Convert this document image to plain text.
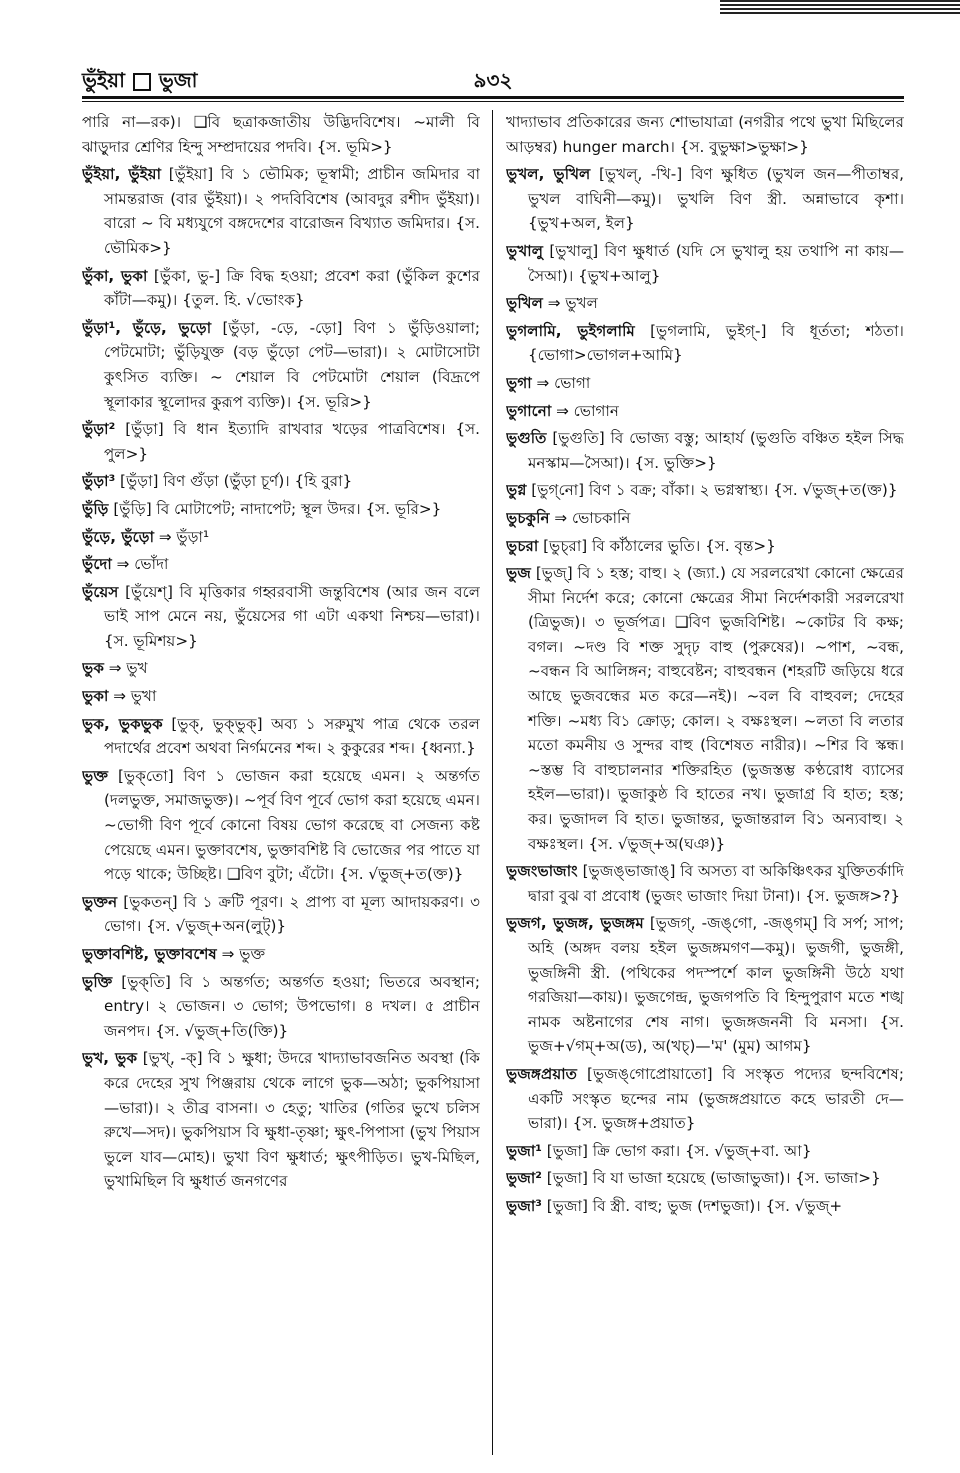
ভুঁইয়া ভুজা	৯৩২

পারি না—রক)। ❑বি ছত্রাকজাতীয় উদ্ভিদবিশেষ। ~মালী বি ঝাড়ুদার শ্রেণির হিন্দু সম্প্রদায়ের পদবি। {স. ভূমি>}

ভুঁইয়া, ভুঁইয়া [ভুঁইয়া] বি ১ ভৌমিক; ভূস্বামী; প্রাচীন জমিদার বা সামন্তরাজ (বার ভুঁইয়া)। ২ পদবিবিশেষ (আবদুর রশীদ ভুঁইয়া)। বারো ~ বি মধ্যযুগে বঙ্গদেশের বারোজন বিখ্যাত জমিদার। {স. ভৌমিক>}

ভুঁকা, ভুকা [ভুঁকা, ভু-] ক্রি বিদ্ধ হওয়া; প্রবেশ করা (ভুঁকিল কুশের কাঁটা—কমু)। {তুল. হি. √ভোংক}

ভুঁড়া¹, ভুঁড়ে, ভুড়ো [ভুঁড়া, -ড়ে, -ড়ো] বিণ ১ ভুঁড়িওয়ালা; পেটমোটা; ভুঁড়িযুক্ত (বড় ভুঁড়ো পেট—ভারা)। ২ মোটাসোটা কুৎসিত ব্যক্তি। ~ শেয়াল বি পেটমোটা শেয়াল (বিদ্রূপে স্থূলাকার স্থূলোদর কুরূপ ব্যক্তি)। {স. ভূরি>}

ভুঁড়া² [ভুঁড়া] বি ধান ইত্যাদি রাখবার খড়ের পাত্রবিশেষ। {স. পুল>}

ভুঁড়া³ [ভুঁড়া] বিণ গুঁড়া (ভুঁড়া চূর্ণ)। {হি বুরা}

ভুঁড়ি [ভুঁড়ি] বি মোটাপেট; নাদাপেট; স্থূল উদর। {স. ভূরি>}

ভুঁড়ে, ভুঁড়ো ⇒ ভুঁড়া¹

ভুঁদো ⇒ ভোঁদা

ভুঁয়েস [ভুঁয়েশ্] বি মৃত্তিকার গহ্বরবাসী জন্তুবিশেষ (আর জন বলে ভাই সাপ মেনে নয়, ভুঁয়েসের গা এটা একথা নিশ্চয়—ভারা)। {স. ভূমিশয়>}

ভুক ⇒ ভুখ

ভুকা ⇒ ভুখা

ভুক, ভুকভুক [ভুক্, ভুক্‌ভুক্] অব্য ১ সরুমুখ পাত্র থেকে তরল পদার্থের প্রবেশ অথবা নির্গমনের শব্দ। ২ কুকুরের শব্দ। {ধ্বন্যা.}

ভুক্ত [ভুক্‌তো] বিণ ১ ভোজন করা হয়েছে এমন। ২ অন্তর্গত (দলভুক্ত, সমাজভুক্ত)। ~পূর্ব বিণ পূর্বে ভোগ করা হয়েছে এমন। ~ভোগী বিণ পূর্বে কোনো বিষয় ভোগ করেছে বা সেজন্য কষ্ট পেয়েছে এমন। ভুক্তাবশেষ, ভুক্তাবশিষ্ট বি ভোজের পর পাতে যা পড়ে থাকে; উচ্ছিষ্ট। ❑বিণ বুটা; এঁটো। {স. √ভুজ্+ত(ক্ত)}

ভুক্তন [ভুকতন্] বি ১ ক্রটি পূরণ। ২ প্রাপ্য বা মূল্য আদায়করণ। ৩ ভোগ। {স. √ভুজ্+অন(লুট্)}

ভুক্তাবশিষ্ট, ভুক্তাবশেষ ⇒ ভুক্ত

ভুক্তি [ভুক্‌তি] বি ১ অন্তর্গত; অন্তর্গত হওয়া; ভিতরে অবস্থান; entry। ২ ভোজন। ৩ ভোগ; উপভোগ। ৪ দখল। ৫ প্রাচীন জনপদ। {স. √ভুজ্+তি(ক্তি)}

ভুখ, ভুক [ভুখ্, -ক্] বি ১ ক্ষুধা; উদরে খাদ্যাভাবজনিত অবস্থা (কি করে দেহের সুখ পিঞ্জরায় থেকে লাগে ভুক—অঠা; ভুকপিয়াসা—ভারা)। ২ তীব্র বাসনা। ৩ হেতু; খাতির (গতির ভুখে চলিস রুখে—সদ)। ভুকপিয়াস বি ক্ষুধা-তৃষ্ণা; ক্ষুৎ-পিপাসা (ভুখ পিয়াস ভুলে যাব—মোহ)। ভুখা বিণ ক্ষুধার্ত; ক্ষুৎপীড়িত। ভুখ-মিছিল, ভুখামিছিল বি ক্ষুধার্ত জনগণের

খাদ্যাভাব প্রতিকারের জন্য শোভাযাত্রা (নগরীর পথে ভুখা মিছিলের আড়ম্বর) hunger march। {স. বুভুক্ষা>ভুক্ষা>}

ভুখল, ভুখিল [ভুখল্, -খি-] বিণ ক্ষুধিত (ভুখল জন—পীতাম্বর, ভুখল বাঘিনী—কমু)। ভুখলি বিণ স্ত্রী. অন্নাভাবে কৃশা। {ভুখ+অল, ইল}

ভুখালু [ভুখালু] বিণ ক্ষুধার্ত (যদি সে ভুখালু হয় তথাপি না কায়—সৈআ)। {ভুখ+আলু}

ভুখিল ⇒ ভুখল

ভুগলামি, ভুইগলামি [ভুগলামি, ভুইগ্-] বি ধূর্ততা; শঠতা। {ভোগা>ভোগল+আমি}

ভুগা ⇒ ভোগা

ভুগানো ⇒ ভোগান

ভুগুতি [ভুগুতি] বি ভোজ্য বস্তু; আহার্য (ভুগুতি বঞ্চিত হইল সিদ্ধ মনস্কাম—সৈআ)। {স. ভুক্তি>}

ভুগ্ন [ভুগ্‌নো] বিণ ১ বক্র; বাঁকা। ২ ভগ্নস্বাস্থ্য। {স. √ভুজ্+ত(ক্ত)}

ভুচকুনি ⇒ ভোচকানি

ভুচরা [ভুচ্‌রা] বি কাঁঠালের ভুতি। {স. বৃন্ত>}

ভুজ [ভুজ্] বি ১ হস্ত; বাহু। ২ (জ্যা.) যে সরলরেখা কোনো ক্ষেত্রের সীমা নির্দেশ করে; কোনো ক্ষেত্রের সীমা নির্দেশকারী সরলরেখা (ত্রিভুজ)। ৩ ভূর্জপত্র। ❑বিণ ভুজবিশিষ্ট। ~কোটর বি কক্ষ; বগল। ~দণ্ড বি শক্ত সুদৃঢ় বাহু (পুরুষের)। ~পাশ, ~বন্ধ, ~বন্ধন বি আলিঙ্গন; বাহুবেষ্টন; বাহুবন্ধন (শহরটি জড়িয়ে ধরে আছে ভুজবন্ধের মত করে—নই)। ~বল বি বাহুবল; দেহের শক্তি। ~মধ্য বি১ ক্রোড়; কোল। ২ বক্ষঃস্থল। ~লতা বি লতার মতো কমনীয় ও সুন্দর বাহু (বিশেষত নারীর)। ~শির বি স্কন্ধ। ~স্তম্ভ বি বাহুচালনার শক্তিরহিত (ভুজস্তম্ভ কণ্ঠরোধ ব্যাসের হইল—ভারা)। ভুজাকুষ্ঠ বি হাতের নখ। ভুজাগ্র বি হাত; হস্ত; কর। ভুজাদল বি হাত। ভুজান্তর, ভুজান্তরাল বি১ অন্যবাহু। ২ বক্ষঃস্থল। {স. √ভুজ্+অ(ঘঞ)}

ভুজংভাজাং [ভুজঙ্‌ভাজাঙ্] বি অসত্য বা অকিঞ্চিৎকর যুক্তিতর্কাদি দ্বারা বুঝ বা প্রবোধ (ভুজং ভাজাং দিয়া টানা)। {স. ভুজঙ্গ>?}

ভুজগ, ভুজঙ্গ, ভুজঙ্গম [ভুজগ্, -জঙ্‌গো, -জঙ্‌গম্] বি সর্প; সাপ; অহি (অঙ্গদ বলয় হইল ভুজঙ্গমগণ—কমু)। ভুজগী, ভুজঙ্গী, ভুজঙ্গিনী স্ত্রী. (পথিকের পদস্পর্শে কাল ভুজঙ্গিনী উঠে যথা গরজিয়া—কায়)। ভুজগেন্দ্র, ভুজগপতি বি হিন্দুপুরাণ মতে শঙ্খ নামক অষ্টনাগের শেষ নাগ। ভুজঙ্গজননী বি মনসা। {স. ভুজ+√গম্+অ(ড), অ(খচ্)—'ম' (মুম) আগম}

ভুজঙ্গপ্রয়াত [ভুজঙ্‌গোপ্রোয়াতো] বি সংস্কৃত পদ্যের ছন্দবিশেষ; একটি সংস্কৃত ছন্দের নাম (ভুজঙ্গপ্রয়াতে কহে ভারতী দে—ভারা)। {স. ভুজঙ্গ+প্রয়াত}

ভুজা¹ [ভুজা] ক্রি ভোগ করা। {স. √ভুজ্+বা. আ}

ভুজা² [ভুজা] বি যা ভাজা হয়েছে (ভাজাভুজা)। {স. ভাজা>}

ভুজা³ [ভুজা] বি স্ত্রী. বাহু; ভুজ (দশভুজা)। {স. √ভুজ্+
